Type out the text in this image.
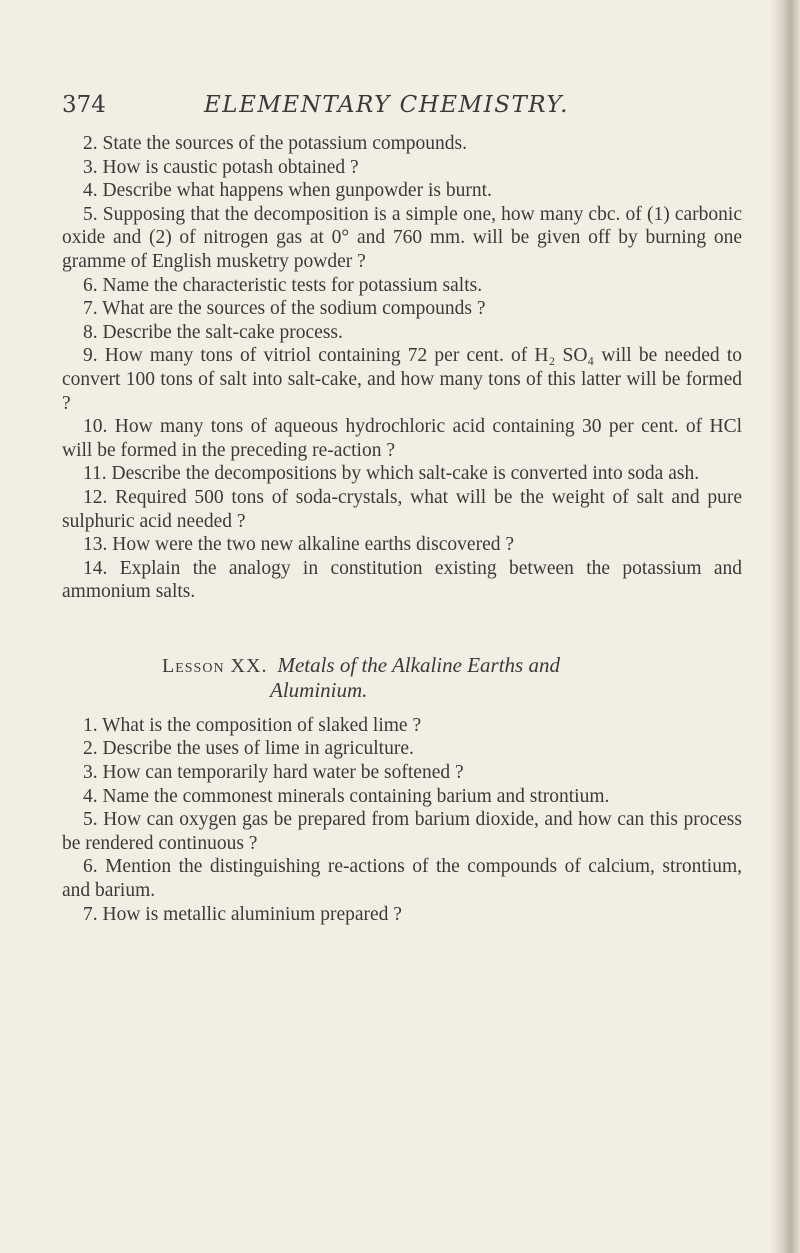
374	ELEMENTARY CHEMISTRY.

2. State the sources of the potassium compounds.

3. How is caustic potash obtained ?

4. Describe what happens when gunpowder is burnt.

5. Supposing that the decomposition is a simple one, how many cbc. of (1) carbonic oxide and (2) of nitrogen gas at 0° and 760 mm. will be given off by burning one gramme of English musketry powder ?

6. Name the characteristic tests for potassium salts.

7. What are the sources of the sodium compounds ?

8. Describe the salt-cake process.

9. How many tons of vitriol containing 72 per cent. of H₂ SO₄ will be needed to convert 100 tons of salt into salt-cake, and how many tons of this latter will be formed ?

10. How many tons of aqueous hydrochloric acid containing 30 per cent. of HCl will be formed in the preceding re-action ?

11. Describe the decompositions by which salt-cake is converted into soda ash.

12. Required 500 tons of soda-crystals, what will be the weight of salt and pure sulphuric acid needed ?

13. How were the two new alkaline earths discovered ?

14. Explain the analogy in constitution existing between the potassium and ammonium salts.

Lesson XX. Metals of the Alkaline Earths and
Aluminium.

1. What is the composition of slaked lime ?

2. Describe the uses of lime in agriculture.

3. How can temporarily hard water be softened ?

4. Name the commonest minerals containing barium and strontium.

5. How can oxygen gas be prepared from barium dioxide, and how can this process be rendered continuous ?

6. Mention the distinguishing re-actions of the compounds of calcium, strontium, and barium.

7. How is metallic aluminium prepared ?
